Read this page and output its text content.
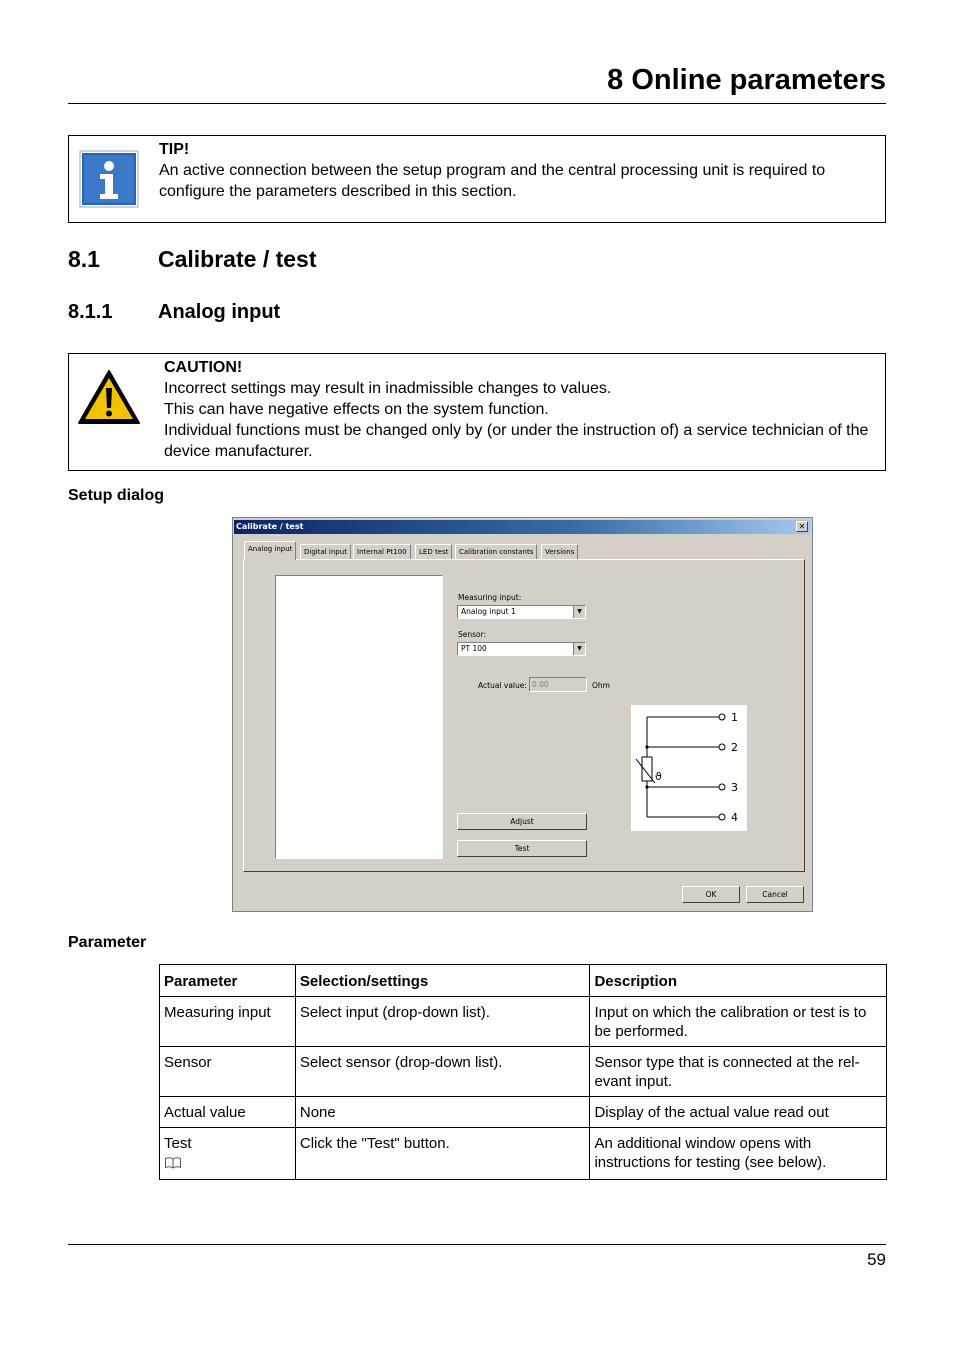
8 Online parameters
TIP!
An active connection between the setup program and the central processing unit is required to configure the parameters described in this section.
8.1	Calibrate / test
8.1.1 Analog input
CAUTION!
Incorrect settings may result in inadmissible changes to values.
This can have negative effects on the system function.
Individual functions must be changed only by (or under the instruction of) a service technician of the device manufacturer.
Setup dialog
Calibrate / test	✕
Analog input	Digital input	Internal Pt100	LED test	Calibration constants	Versions
Measuring input:
Analog input 1	▼
Sensor:
PT 100	▼
Actual value: 0.00	Ohm
1
2
3
4
ϑ
Adjust
Test
OK	Cancel
Parameter
Parameter	Selection/settings	Description
Measuring input	Select input (drop-down list).	Input on which the calibration or test is to be performed.
Sensor	Select sensor (drop-down list).	Sensor type that is connected at the rel-evant input.
Actual value	None	Display of the actual value read out

Test	Click the "Test" button.	An additional window opens with instructions for testing (see below).
59
